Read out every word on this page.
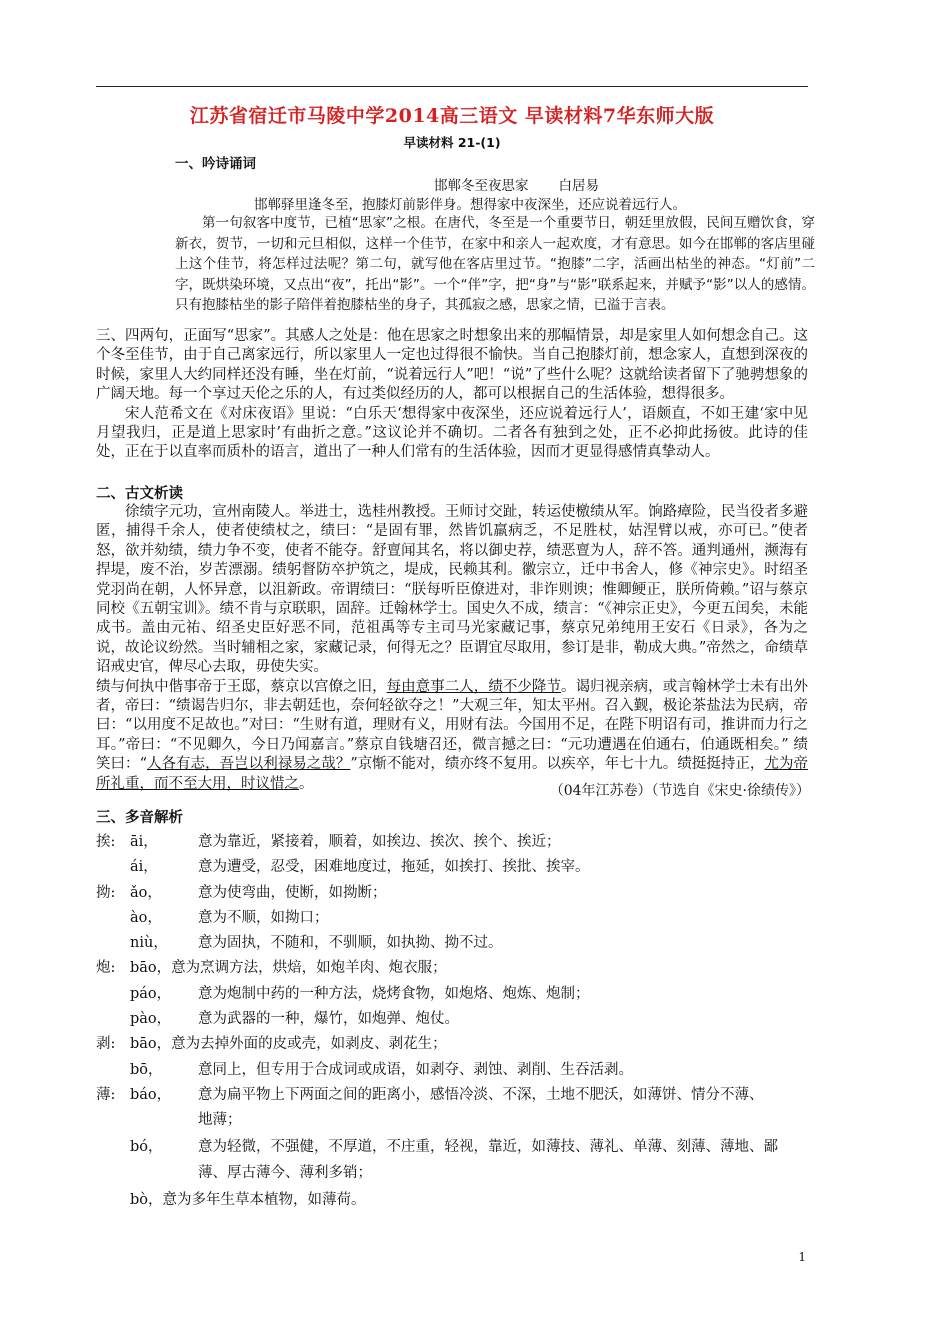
江苏省宿迁市马陵中学2014高三语文 早读材料7华东师大版
早读材料 21-(1)
一、吟诗诵词
邯郸冬至夜思家 白居易
邯郸驿里逢冬至，抱膝灯前影伴身。想得家中夜深坐，还应说着远行人。

第一句叙客中度节，已植“思家”之根。在唐代，冬至是一个重要节日，朝廷里放假，民间互赠饮食，穿新衣，贺节，一切和元旦相似，这样一个佳节，在家中和亲人一起欢度，才有意思。如今在邯郸的客店里碰上这个佳节，将怎样过法呢？第二句，就写他在客店里过节。“抱膝”二字，活画出枯坐的神态。“灯前”二字，既烘染环境，又点出“夜”，托出“影”。一个“伴”字，把“身”与“影”联系起来，并赋予“影”以人的感情。只有抱膝枯坐的影子陪伴着抱膝枯坐的身子，其孤寂之感，思家之情，已溢于言表。

三、四两句，正面写“思家”。其感人之处是：他在思家之时想象出来的那幅情景，却是家里人如何想念自己。这个冬至佳节，由于自己离家远行，所以家里人一定也过得很不愉快。当自己抱膝灯前，想念家人，直想到深夜的时候，家里人大约同样还没有睡，坐在灯前，“说着远行人”吧！“说”了些什么呢？这就给读者留下了驰骋想象的广阔天地。每一个享过天伦之乐的人，有过类似经历的人，都可以根据自己的生活体验，想得很多。

宋人范希文在《对床夜语》里说：“白乐天‘想得家中夜深坐，还应说着远行人’，语颇直，不如王建‘家中见月望我归，正是道上思家时’有曲折之意。”这议论并不确切。二者各有独到之处，正不必抑此扬彼。此诗的佳处，正在于以直率而质朴的语言，道出了一种人们常有的生活体验，因而才更显得感情真挚动人。

二、古文析读

徐绩字元功，宣州南陵人。举进士，选桂州教授。王师讨交趾，转运使檄绩从军。饷路瘴险，民当役者多避匿，捕得千余人，使者使绩杖之，绩曰：“是固有罪，然皆饥羸病乏，不足胜杖，姑涅臂以戒，亦可已。”使者怒，欲并劾绩，绩力争不变，使者不能夺。舒亶闻其名，将以御史荐，绩恶亶为人，辞不答。通判通州，濒海有捍堤，废不治，岁苦漂溺。绩躬督防卒护筑之，堤成，民赖其利。徽宗立，迁中书舍人，修《神宗史》。时绍圣党羽尚在朝，人怀异意，以沮新政。帝谓绩曰：“朕每听臣僚进对，非诈则谀；惟卿鲠正，朕所倚赖。”诏与蔡京同校《五朝宝训》。绩不肯与京联职，固辞。迁翰林学士。国史久不成，绩言：“《神宗正史》，今更五闰矣，未能成书。盖由元祐、绍圣史臣好恶不同，范祖禹等专主司马光家藏记事，蔡京兄弟纯用王安石《日录》，各为之说，故论议纷然。当时辅相之家，家藏记录，何得无之？臣谓宜尽取用，参订是非，勒成大典。”帝然之，命绩草诏戒史官，俾尽心去取，毋使失实。

绩与何执中偕事帝于王邸，蔡京以宫僚之旧，每由意事二人，绩不少降节。谒归视亲病，或言翰林学士未有出外者，帝曰：“绩谒告归尔，非去朝廷也，奈何轻欲夺之！”大观三年，知太平州。召入觐，极论茶盐法为民病，帝曰：“以用度不足故也。”对曰：“生财有道，理财有义，用财有法。今国用不足，在陛下明诏有司，推讲而力行之耳。”帝曰：“不见卿久，今日乃闻嘉言。”蔡京自钱塘召还，微言撼之曰：“元功遭遇在伯通右，伯通既相矣。” 绩笑曰：“人各有志，吾岂以利禄易之哉？”京惭不能对，绩亦终不复用。以疾卒，年七十九。绩挺挺持正，尤为帝所礼重，而不至大用，时议惜之。	（04年江苏卷）（节选自《宋史·徐绩传》）
三、多音解析
挨:	āi，	意为靠近，紧接着，顺着，如挨边、挨次、挨个、挨近；
ái，	意为遭受，忍受，困难地度过，拖延，如挨打、挨批、挨宰。
拗:	ǎo，	意为使弯曲，使断，如拗断；
ào，	意为不顺，如拗口；
niù，	意为固执，不随和，不驯顺，如执拗、拗不过。
炮:	bāo，意为烹调方法，烘焙，如炮羊肉、炮衣服；
páo，	意为炮制中药的一种方法，烧烤食物，如炮烙、炮炼、炮制；
pào，	意为武器的一种，爆竹，如炮弹、炮仗。
剥:	bāo，意为去掉外面的皮或壳，如剥皮、剥花生；
bō，	意同上，但专用于合成词或成语，如剥夺、剥蚀、剥削、生吞活剥。
薄:	báo，	意为扁平物上下两面之间的距离小，感悟冷淡、不深，土地不肥沃，如薄饼、情分不薄、
地薄；
bó，	意为轻微，不强健，不厚道，不庄重，轻视，靠近，如薄技、薄礼、单薄、刻薄、薄地、鄙
薄、厚古薄今、薄利多销；
bò，意为多年生草本植物，如薄荷。
1
